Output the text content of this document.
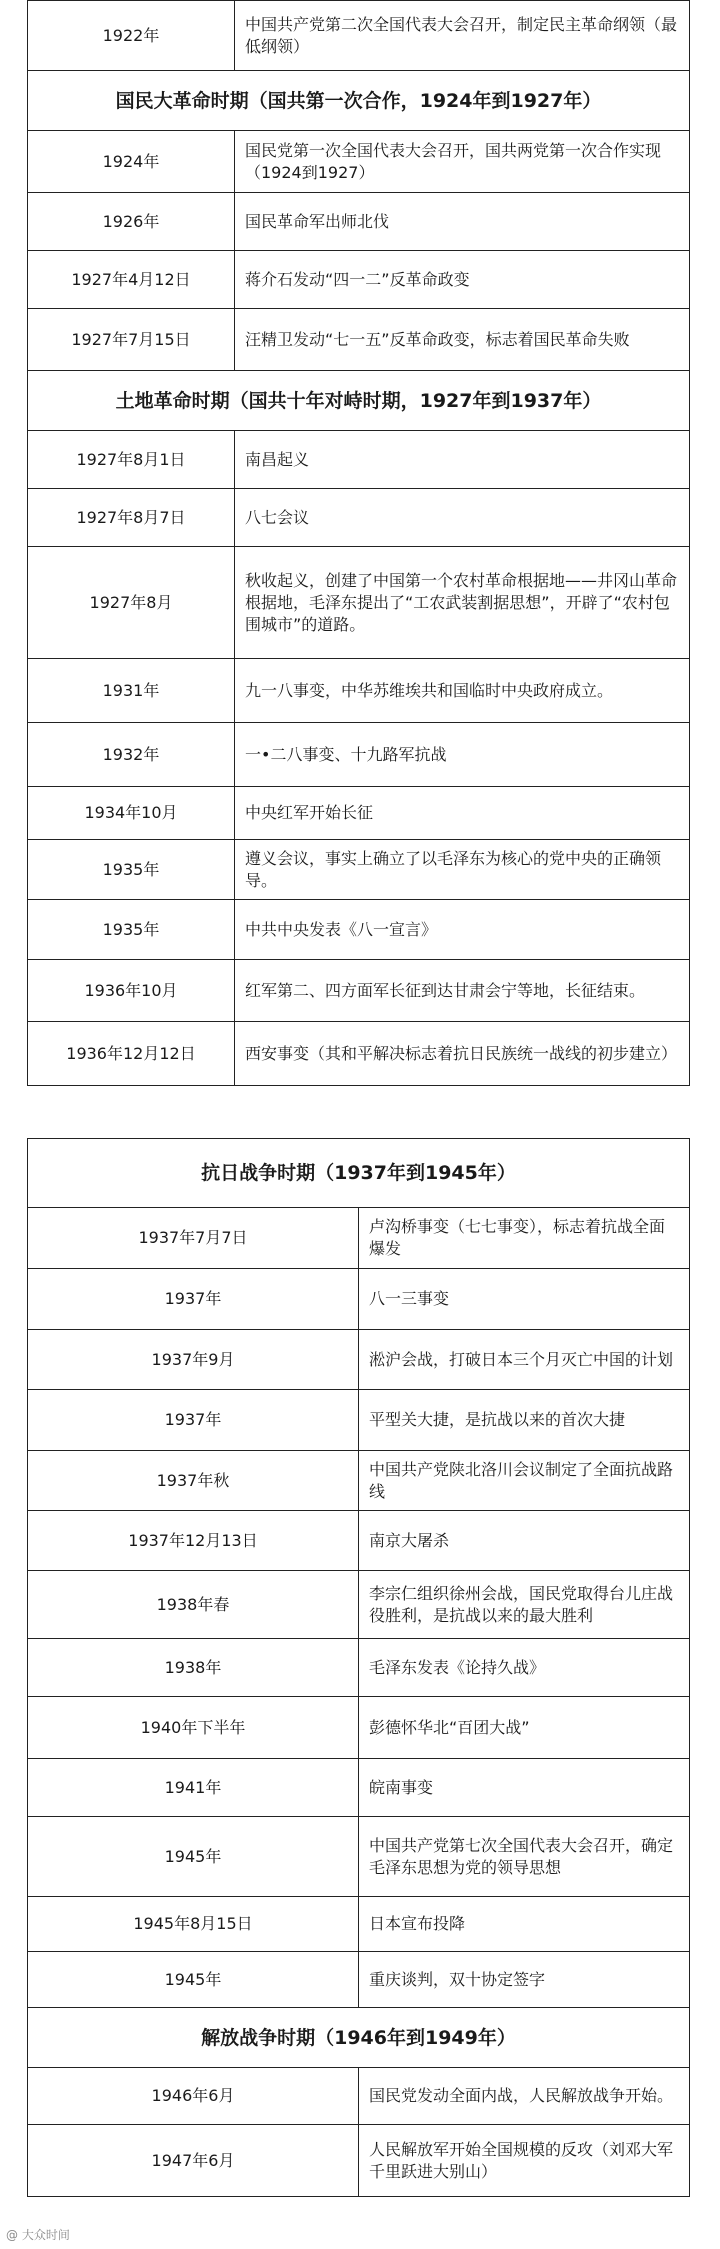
1922年	中国共产党第二次全国代表大会召开，制定民主革命纲领（最低纲领）
国民大革命时期（国共第一次合作，1924年到1927年）	
1924年	国民党第一次全国代表大会召开，国共两党第一次合作实现（1924到1927）
1926年	国民革命军出师北伐
1927年4月12日	蒋介石发动“四一二”反革命政变
1927年7月15日	汪精卫发动“七一五”反革命政变，标志着国民革命失败
土地革命时期（国共十年对峙时期，1927年到1937年）	
1927年8月1日	南昌起义
1927年8月7日	八七会议
1927年8月	秋收起义，创建了中国第一个农村革命根据地——井冈山革命根据地，毛泽东提出了“工农武装割据思想”，开辟了“农村包围城市”的道路。
1931年	九一八事变，中华苏维埃共和国临时中央政府成立。
1932年	一•二八事变、十九路军抗战
1934年10月	中央红军开始长征
1935年	遵义会议，事实上确立了以毛泽东为核心的党中央的正确领导。
1935年	中共中央发表《八一宣言》
1936年10月	红军第二、四方面军长征到达甘肃会宁等地，长征结束。
1936年12月12日	西安事变（其和平解决标志着抗日民族统一战线的初步建立）
抗日战争时期（1937年到1945年）	
1937年7月7日	卢沟桥事变（七七事变），标志着抗战全面爆发
1937年	八一三事变
1937年9月	淞沪会战，打破日本三个月灭亡中国的计划
1937年	平型关大捷，是抗战以来的首次大捷
1937年秋	中国共产党陕北洛川会议制定了全面抗战路线
1937年12月13日	南京大屠杀
1938年春	李宗仁组织徐州会战，国民党取得台儿庄战役胜利，是抗战以来的最大胜利
1938年	毛泽东发表《论持久战》
1940年下半年	彭德怀华北“百团大战”
1941年	皖南事变
1945年	中国共产党第七次全国代表大会召开，确定毛泽东思想为党的领导思想
1945年8月15日	日本宣布投降
1945年	重庆谈判，双十协定签字
解放战争时期（1946年到1949年）	
1946年6月	国民党发动全面内战，人民解放战争开始。
1947年6月	人民解放军开始全国规模的反攻（刘邓大军千里跃进大别山）
@ 大众时间
